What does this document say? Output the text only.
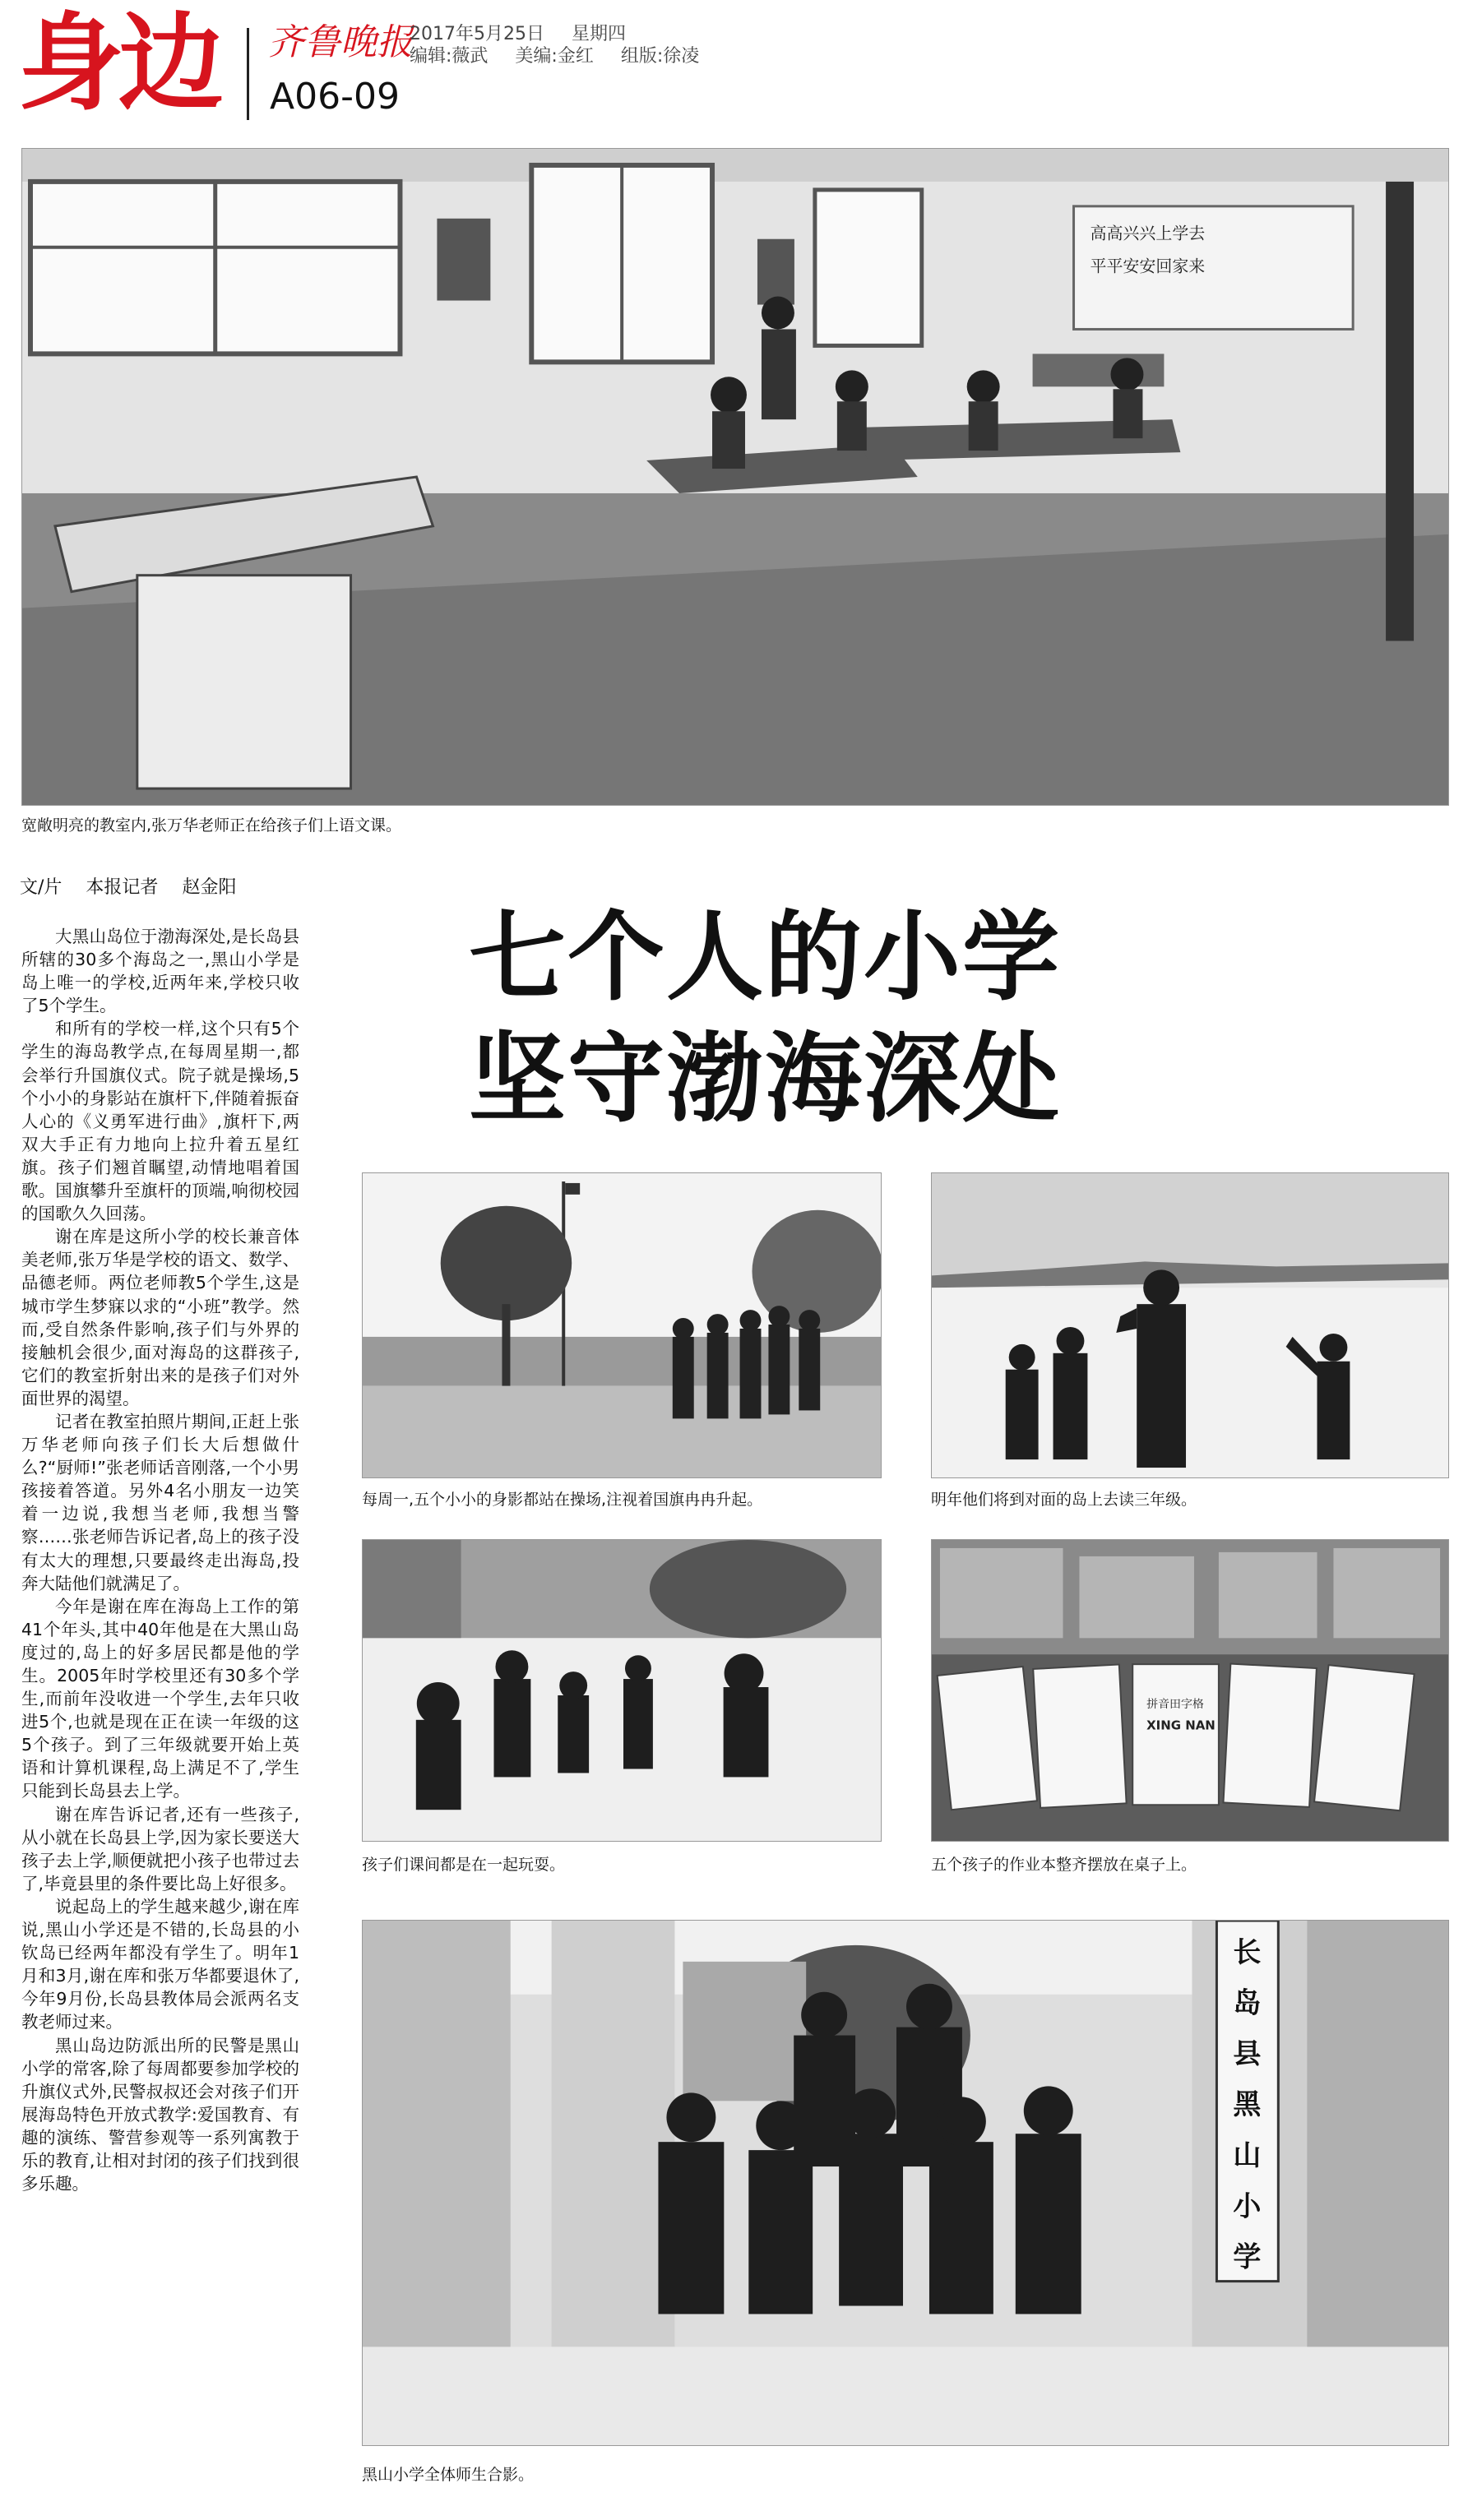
身边 齐鲁晚报
2017年5月25日 星期四
编辑:薇武 美编:金红 组版:徐凌
A06-09
高高兴兴上学去
平平安安回家来
宽敞明亮的教室内,张万华老师正在给孩子们上语文课。
文/片 本报记者 赵金阳

大黑山岛位于渤海深处,是长岛县所辖的30多个海岛之一,黑山小学是岛上唯一的学校,近两年来,学校只收了5个学生。

和所有的学校一样,这个只有5个学生的海岛教学点,在每周星期一,都会举行升国旗仪式。院子就是操场,5个小小的身影站在旗杆下,伴随着振奋人心的《义勇军进行曲》,旗杆下,两双大手正有力地向上拉升着五星红旗。孩子们翘首瞩望,动情地唱着国歌。国旗攀升至旗杆的顶端,响彻校园的国歌久久回荡。

谢在库是这所小学的校长兼音体美老师,张万华是学校的语文、数学、品德老师。两位老师教5个学生,这是城市学生梦寐以求的“小班”教学。然而,受自然条件影响,孩子们与外界的接触机会很少,面对海岛的这群孩子,它们的教室折射出来的是孩子们对外面世界的渴望。

记者在教室拍照片期间,正赶上张万华老师向孩子们长大后想做什么?“厨师!”张老师话音刚落,一个小男孩接着答道。另外4名小朋友一边笑着一边说,我想当老师,我想当警察……张老师告诉记者,岛上的孩子没有太大的理想,只要最终走出海岛,投奔大陆他们就满足了。

今年是谢在库在海岛上工作的第41个年头,其中40年他是在大黑山岛度过的,岛上的好多居民都是他的学生。2005年时学校里还有30多个学生,而前年没收进一个学生,去年只收进5个,也就是现在正在读一年级的这5个孩子。到了三年级就要开始上英语和计算机课程,岛上满足不了,学生只能到长岛县去上学。

谢在库告诉记者,还有一些孩子,从小就在长岛县上学,因为家长要送大孩子去上学,顺便就把小孩子也带过去了,毕竟县里的条件要比岛上好很多。

说起岛上的学生越来越少,谢在库说,黑山小学还是不错的,长岛县的小钦岛已经两年都没有学生了。明年1月和3月,谢在库和张万华都要退休了,今年9月份,长岛县教体局会派两名支教老师过来。

黑山岛边防派出所的民警是黑山小学的常客,除了每周都要参加学校的升旗仪式外,民警叔叔还会对孩子们开展海岛特色开放式教学:爱国教育、有趣的演练、警营参观等一系列寓教于乐的教育,让相对封闭的孩子们找到很多乐趣。

七个人的小学
坚守渤海深处
每周一,五个小小的身影都站在操场,注视着国旗冉冉升起。	明年他们将到对面的岛上去读三年级。
孩子们课间都是在一起玩耍。
拼音田字格
XING NAN
五个孩子的作业本整齐摆放在桌子上。
长岛县黑山小学
黑山小学全体师生合影。
